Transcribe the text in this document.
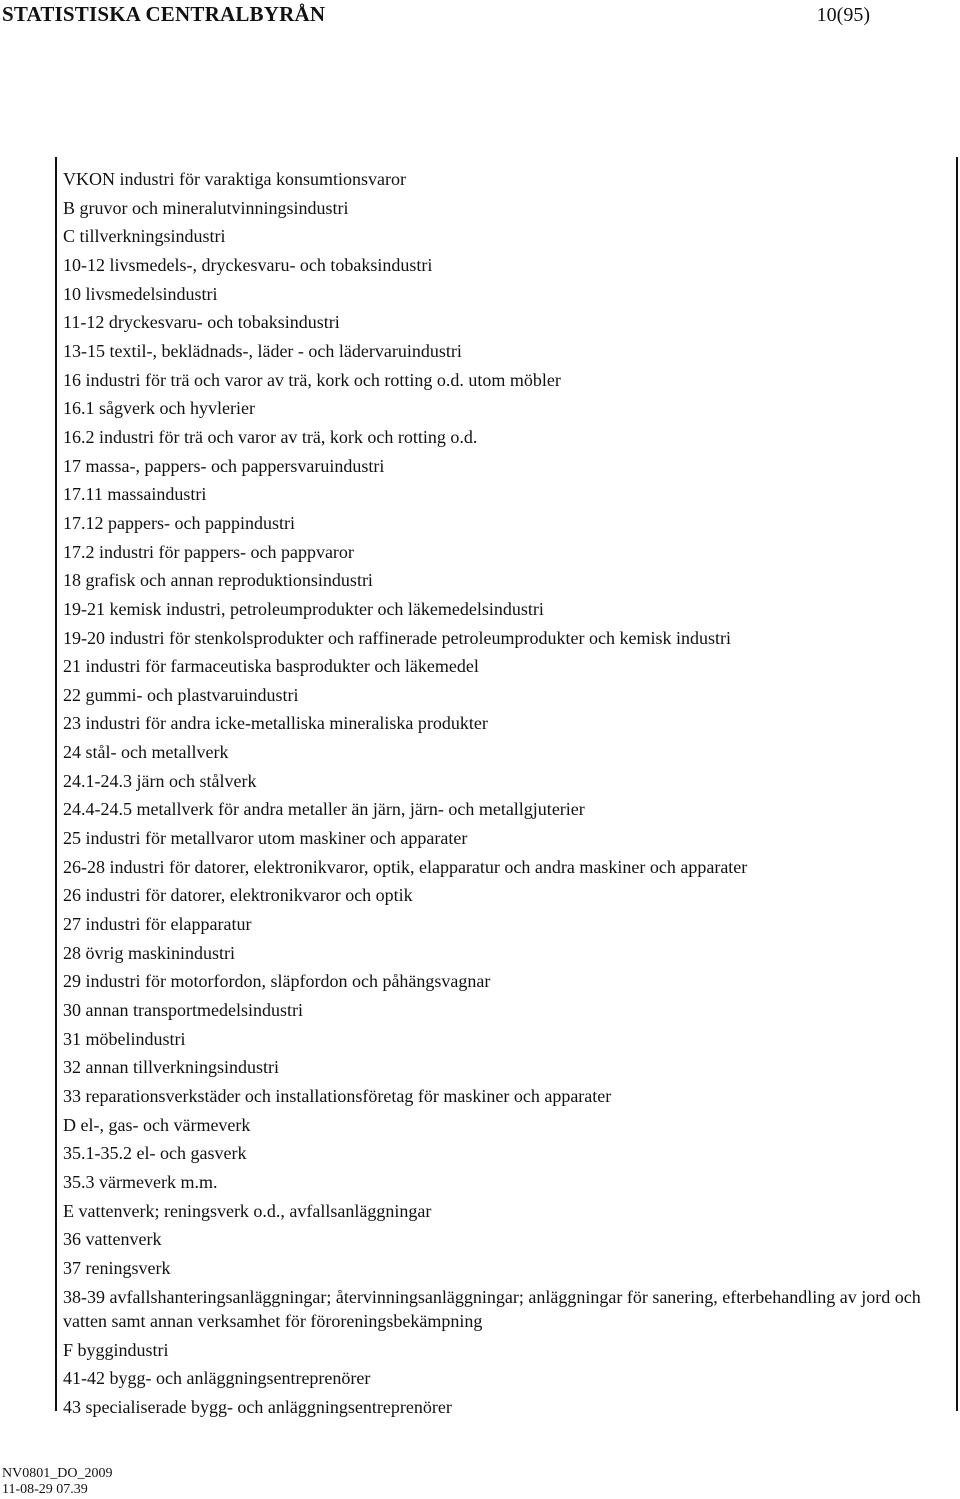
STATISTISKA CENTRALBYRÅN	10(95)
VKON industri för varaktiga konsumtionsvaror
B gruvor och mineralutvinningsindustri
C tillverkningsindustri
10-12 livsmedels-, dryckesvaru- och tobaksindustri
10 livsmedelsindustri
11-12 dryckesvaru- och tobaksindustri
13-15 textil-, beklädnads-, läder - och lädervaruindustri
16 industri för trä och varor av trä, kork och rotting o.d. utom möbler
16.1 sågverk och hyvlerier
16.2 industri för trä och varor av trä, kork och rotting o.d.
17 massa-, pappers- och pappersvaruindustri
17.11 massaindustri
17.12 pappers- och pappindustri
17.2 industri för pappers- och pappvaror
18 grafisk och annan reproduktionsindustri
19-21 kemisk industri, petroleumprodukter och läkemedelsindustri
19-20 industri för stenkolsprodukter och raffinerade petroleumprodukter och kemisk industri
21 industri för farmaceutiska basprodukter och läkemedel
22 gummi- och plastvaruindustri
23 industri för andra icke-metalliska mineraliska produkter
24 stål- och metallverk
24.1-24.3 järn och stålverk
24.4-24.5 metallverk för andra metaller än järn, järn- och metallgjuterier
25 industri för metallvaror utom maskiner och apparater
26-28 industri för datorer, elektronikvaror, optik, elapparatur och andra maskiner och apparater
26 industri för datorer, elektronikvaror och optik
27 industri för elapparatur
28 övrig maskinindustri
29 industri för motorfordon, släpfordon och påhängsvagnar
30 annan transportmedelsindustri
31 möbelindustri
32 annan tillverkningsindustri
33 reparationsverkstäder och installationsföretag för maskiner och apparater
D el-, gas- och värmeverk
35.1-35.2 el- och gasverk
35.3 värmeverk m.m.
E vattenverk; reningsverk o.d., avfallsanläggningar
36 vattenverk
37 reningsverk
38-39 avfallshanteringsanläggningar; återvinningsanläggningar; anläggningar för sanering, efterbehandling av jord och vatten samt annan verksamhet för föroreningsbekämpning
F byggindustri
41-42 bygg- och anläggningsentreprenörer
43 specialiserade bygg- och anläggningsentreprenörer
NV0801_DO_2009
11-08-29 07.39
